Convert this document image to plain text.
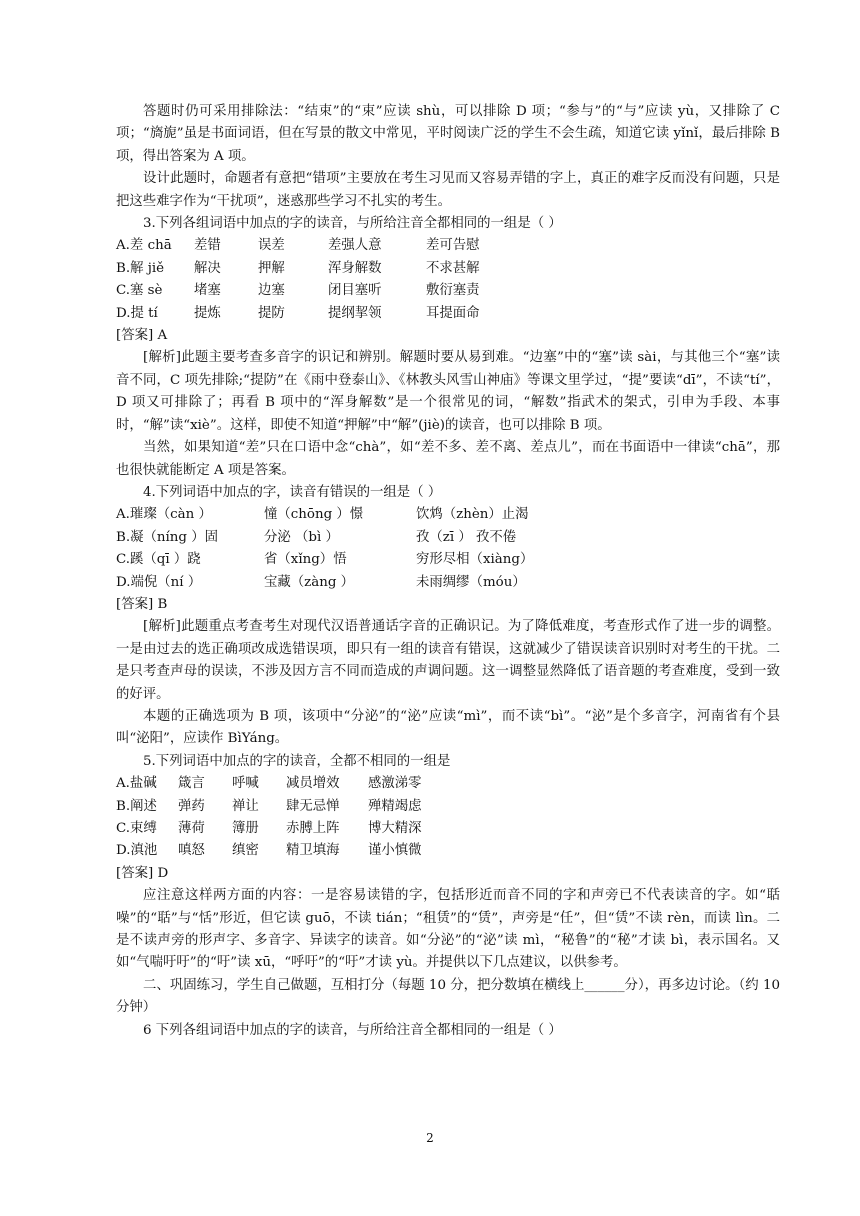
答题时仍可采用排除法：“结束”的“束”应读 shù，可以排除 D 项；“参与”的“与”应读 yù，又排除了 C 项；“旖旎”虽是书面词语，但在写景的散文中常见，平时阅读广泛的学生不会生疏，知道它读 yǐnǐ，最后排除 B 项，得出答案为 A 项。

设计此题时，命题者有意把“错项”主要放在考生习见而又容易弄错的字上，真正的难字反而没有问题，只是把这些难字作为“干扰项”，迷惑那些学习不扎实的考生。

3.下列各组词语中加点的字的读音，与所给注音全都相同的一组是（ ）

A.差 chā	差错	误差	差强人意	差可告慰
B.解 jiě	解决	押解	浑身解数	不求甚解
C.塞 sè	堵塞	边塞	闭目塞听	敷衍塞责
D.提 tí	提炼	提防	提纲挈领	耳提面命

[答案] A

[解析]此题主要考查多音字的识记和辨别。解题时要从易到难。“边塞”中的“塞”读 sài，与其他三个“塞”读音不同，C 项先排除;“提防”在《雨中登泰山》、《林教头风雪山神庙》等课文里学过，“提”要读“dī”，不读“tí”，D 项又可排除了；再看 B 项中的“浑身解数”是一个很常见的词，“解数”指武术的架式，引申为手段、本事时，“解”读“xiè”。这样，即使不知道“押解”中“解”(jiè)的读音，也可以排除 B 项。

当然，如果知道“差”只在口语中念“chà”，如“差不多、差不离、差点儿”，而在书面语中一律读“chā”，那也很快就能断定 A 项是答案。

4.下列词语中加点的字，读音有错误的一组是（ ）

A.璀璨（càn ）	憧（chōng ）憬	饮鸩（zhèn）止渴
B.凝（níng ）固	分泌 （bì ）	孜（zī ） 孜不倦
C.蹊（qī ）跷	省（xǐng）悟	穷形尽相（xiàng）
D.端倪（ní ）	宝藏（zàng ）	未雨绸缪（móu）

[答案] B

[解析]此题重点考查考生对现代汉语普通话字音的正确识记。为了降低难度，考查形式作了进一步的调整。一是由过去的选正确项改成选错误项，即只有一组的读音有错误，这就减少了错误读音识别时对考生的干扰。二是只考查声母的误读，不涉及因方言不同而造成的声调问题。这一调整显然降低了语音题的考查难度，受到一致的好评。

本题的正确选项为 B 项，该项中“分泌”的“泌”应读“mì”，而不读“bì”。“泌”是个多音字，河南省有个县叫“泌阳”，应读作 BìYáng。

5.下列词语中加点的字的读音，全都不相同的一组是

A.盐碱	箴言	呼喊	减员增效	感激涕零
B.阐述	弹药	禅让	肆无忌惮	殚精竭虑
C.束缚	薄荷	簿册	赤膊上阵	博大精深
D.滇池	嗔怒	缜密	精卫填海	谨小慎微

[答案] D

应注意这样两方面的内容：一是容易读错的字，包括形近而音不同的字和声旁已不代表读音的字。如“聒噪”的“聒”与“恬”形近，但它读 guō，不读 tián；“租赁”的“赁”，声旁是“任”，但“赁”不读 rèn，而读 lìn。二是不读声旁的形声字、多音字、异读字的读音。如“分泌”的“泌”读 mì，“秘鲁”的“秘”才读 bì，表示国名。又如“气喘吁吁”的“吁”读 xū，“呼吁”的“吁”才读 yù。并提供以下几点建议，以供参考。

二、巩固练习，学生自己做题，互相打分（每题 10 分，把分数填在横线上______分），再多边讨论。（约 10 分钟）

6 下列各组词语中加点的字的读音，与所给注音全都相同的一组是（ ）

2
